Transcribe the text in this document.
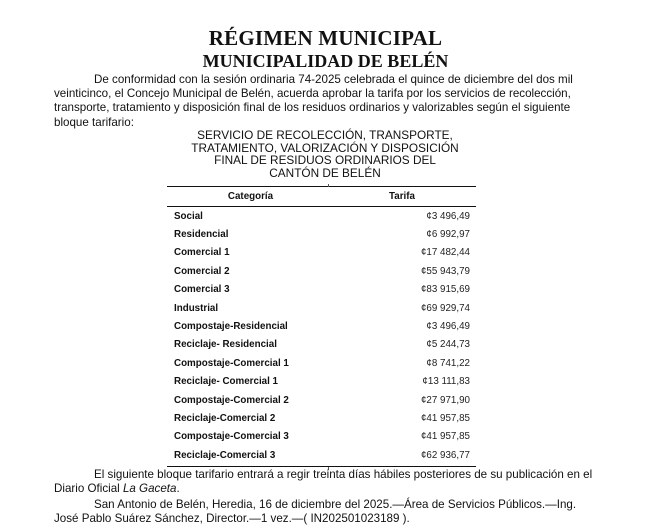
RÉGIMEN MUNICIPAL
MUNICIPALIDAD DE BELÉN
De conformidad con la sesión ordinaria 74-2025 celebrada el quince de diciembre del dos mil veinticinco, el Concejo Municipal de Belén, acuerda aprobar la tarifa por los servicios de recolección, transporte, tratamiento y disposición final de los residuos ordinarios y valorizables según el siguiente bloque tarifario:
SERVICIO DE RECOLECCIÓN, TRANSPORTE,
TRATAMIENTO, VALORIZACIÓN Y DISPOSICIÓN
FINAL DE RESIDUOS ORDINARIOS DEL
CANTÓN DE BELÉN
Categoría	Tarifa
Social	¢3 496,49
Residencial	¢6 992,97
Comercial 1	¢17 482,44
Comercial 2	¢55 943,79
Comercial 3	¢83 915,69
Industrial	¢69 929,74
Compostaje-Residencial	¢3 496,49
Reciclaje- Residencial	¢5 244,73
Compostaje-Comercial 1	¢8 741,22
Reciclaje- Comercial 1	¢13 111,83
Compostaje-Comercial 2	¢27 971,90
Reciclaje-Comercial 2	¢41 957,85
Compostaje-Comercial 3	¢41 957,85
Reciclaje-Comercial 3	¢62 936,77
El siguiente bloque tarifario entrará a regir treinta días hábiles posteriores de su publicación en el Diario Oficial La Gaceta.
San Antonio de Belén, Heredia, 16 de diciembre del 2025.—Área de Servicios Públicos.—Ing. José Pablo Suárez Sánchez, Director.—1 vez.—( IN202501023189 ).
